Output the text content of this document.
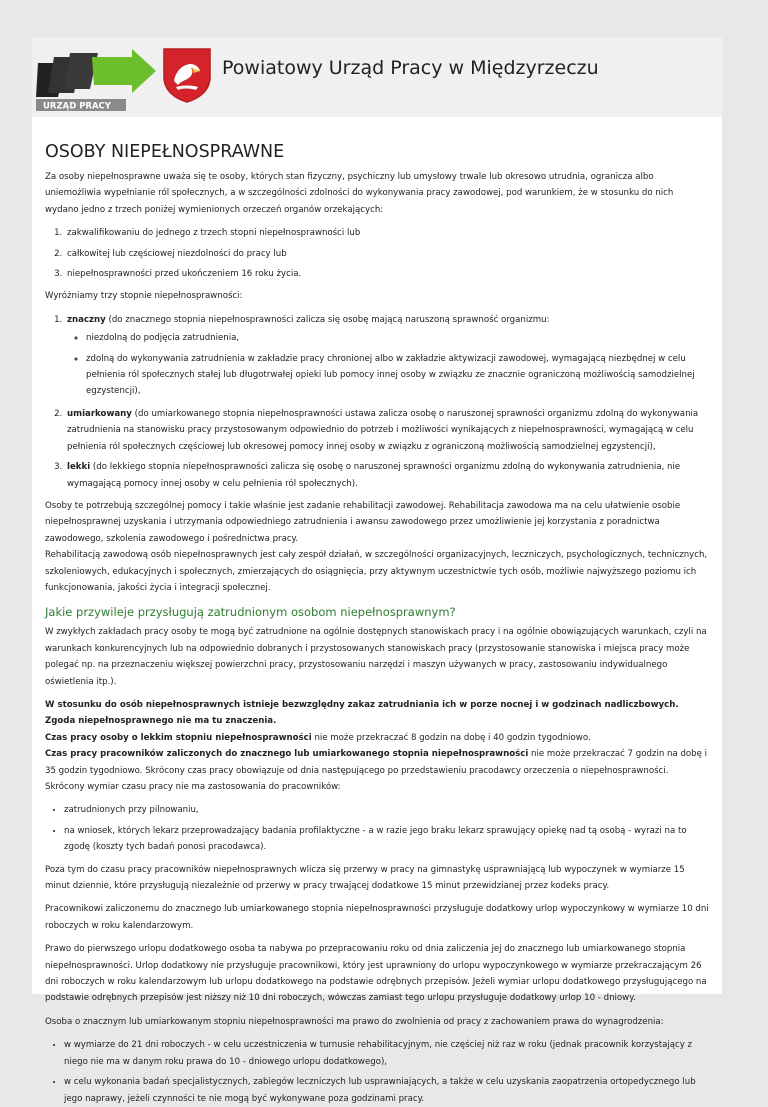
URZĄD PRACY
Powiatowy Urząd Pracy w Międzyrzeczu
OSOBY NIEPEŁNOSPRAWNE

Za osoby niepełnosprawne uważa się te osoby, których stan fizyczny, psychiczny lub umysłowy trwale lub okresowo utrudnia, ogranicza albo uniemożliwia wypełnianie ról społecznych, a w szczególności zdolności do wykonywania pracy zawodowej, pod warunkiem, że w stosunku do nich wydano jedno z trzech poniżej wymienionych orzeczeń organów orzekających:

1. zakwalifikowaniu do jednego z trzech stopni niepełnosprawności lub
2. całkowitej lub częściowej niezdolności do pracy lub
3. niepełnosprawności przed ukończeniem 16 roku życia.

Wyróżniamy trzy stopnie niepełnosprawności:

1. znaczny (do znacznego stopnia niepełnosprawności zalicza się osobę mającą naruszoną sprawność organizmu:
◦ niezdolną do podjęcia zatrudnienia,
◦ zdolną do wykonywania zatrudnienia w zakładzie pracy chronionej albo w zakładzie aktywizacji zawodowej, wymagającą niezbędnej w celu pełnienia ról społecznych stałej lub długotrwałej opieki lub pomocy innej osoby w związku ze znacznie ograniczoną możliwością samodzielnej egzystencji),
2. umiarkowany (do umiarkowanego stopnia niepełnosprawności ustawa zalicza osobę o naruszonej sprawności organizmu zdolną do wykonywania zatrudnienia na stanowisku pracy przystosowanym odpowiednio do potrzeb i możliwości wynikających z niepełnosprawności, wymagającą w celu pełnienia ról społecznych częściowej lub okresowej pomocy innej osoby w związku z ograniczoną możliwością samodzielnej egzystencji),
3. lekki (do lekkiego stopnia niepełnosprawności zalicza się osobę o naruszonej sprawności organizmu zdolną do wykonywania zatrudnienia, nie wymagającą pomocy innej osoby w celu pełnienia ról społecznych).

Osoby te potrzebują szczególnej pomocy i takie właśnie jest zadanie rehabilitacji zawodowej. Rehabilitacja zawodowa ma na celu ułatwienie osobie niepełnosprawnej uzyskania i utrzymania odpowiedniego zatrudnienia i awansu zawodowego przez umożliwienie jej korzystania z poradnictwa zawodowego, szkolenia zawodowego i pośrednictwa pracy.
Rehabilitacją zawodową osób niepełnosprawnych jest cały zespół działań, w szczególności organizacyjnych, leczniczych, psychologicznych, technicznych, szkoleniowych, edukacyjnych i społecznych, zmierzających do osiągnięcia, przy aktywnym uczestnictwie tych osób, możliwie najwyższego poziomu ich funkcjonowania, jakości życia i integracji społecznej.

Jakie przywileje przysługują zatrudnionym osobom niepełnosprawnym?

W zwykłych zakładach pracy osoby te mogą być zatrudnione na ogólnie dostępnych stanowiskach pracy i na ogólnie obowiązujących warunkach, czyli na warunkach konkurencyjnych lub na odpowiednio dobranych i przystosowanych stanowiskach pracy (przystosowanie stanowiska i miejsca pracy może polegać np. na przeznaczeniu większej powierzchni pracy, przystosowaniu narzędzi i maszyn używanych w pracy, zastosowaniu indywidualnego oświetlenia itp.).

W stosunku do osób niepełnosprawnych istnieje bezwzględny zakaz zatrudniania ich w porze nocnej i w godzinach nadliczbowych. Zgoda niepełnosprawnego nie ma tu znaczenia.
Czas pracy osoby o lekkim stopniu niepełnosprawności nie może przekraczać 8 godzin na dobę i 40 godzin tygodniowo.
Czas pracy pracowników zaliczonych do znacznego lub umiarkowanego stopnia niepełnosprawności nie może przekraczać 7 godzin na dobę i 35 godzin tygodniowo. Skrócony czas pracy obowiązuje od dnia następującego po przedstawieniu pracodawcy orzeczenia o niepełnosprawności. Skrócony wymiar czasu pracy nie ma zastosowania do pracowników:

• zatrudnionych przy pilnowaniu,
• na wniosek, których lekarz przeprowadzający badania profilaktyczne - a w razie jego braku lekarz sprawujący opiekę nad tą osobą - wyrazi na to zgodę (koszty tych badań ponosi pracodawca).

Poza tym do czasu pracy pracowników niepełnosprawnych wlicza się przerwy w pracy na gimnastykę usprawniającą lub wypoczynek w wymiarze 15 minut dziennie, które przysługują niezależnie od przerwy w pracy trwającej dodatkowe 15 minut przewidzianej przez kodeks pracy.

Pracownikowi zaliczonemu do znacznego lub umiarkowanego stopnia niepełnosprawności przysługuje dodatkowy urlop wypoczynkowy w wymiarze 10 dni roboczych w roku kalendarzowym.

Prawo do pierwszego urlopu dodatkowego osoba ta nabywa po przepracowaniu roku od dnia zaliczenia jej do znacznego lub umiarkowanego stopnia niepełnosprawności. Urlop dodatkowy nie przysługuje pracownikowi, który jest uprawniony do urlopu wypoczynkowego w wymiarze przekraczającym 26 dni roboczych w roku kalendarzowym lub urlopu dodatkowego na podstawie odrębnych przepisów. Jeżeli wymiar urlopu dodatkowego przysługującego na podstawie odrębnych przepisów jest niższy niż 10 dni roboczych, wówczas zamiast tego urlopu przysługuje dodatkowy urlop 10 - dniowy.

Osoba o znacznym lub umiarkowanym stopniu niepełnosprawności ma prawo do zwolnienia od pracy z zachowaniem prawa do wynagrodzenia:

• w wymiarze do 21 dni roboczych - w celu uczestniczenia w turnusie rehabilitacyjnym, nie częściej niż raz w roku (jednak pracownik korzystający z niego nie ma w danym roku prawa do 10 - dniowego urlopu dodatkowego),
• w celu wykonania badań specjalistycznych, zabiegów leczniczych lub usprawniających, a także w celu uzyskania zaopatrzenia ortopedycznego lub jego naprawy, jeżeli czynności te nie mogą być wykonywane poza godzinami pracy.
